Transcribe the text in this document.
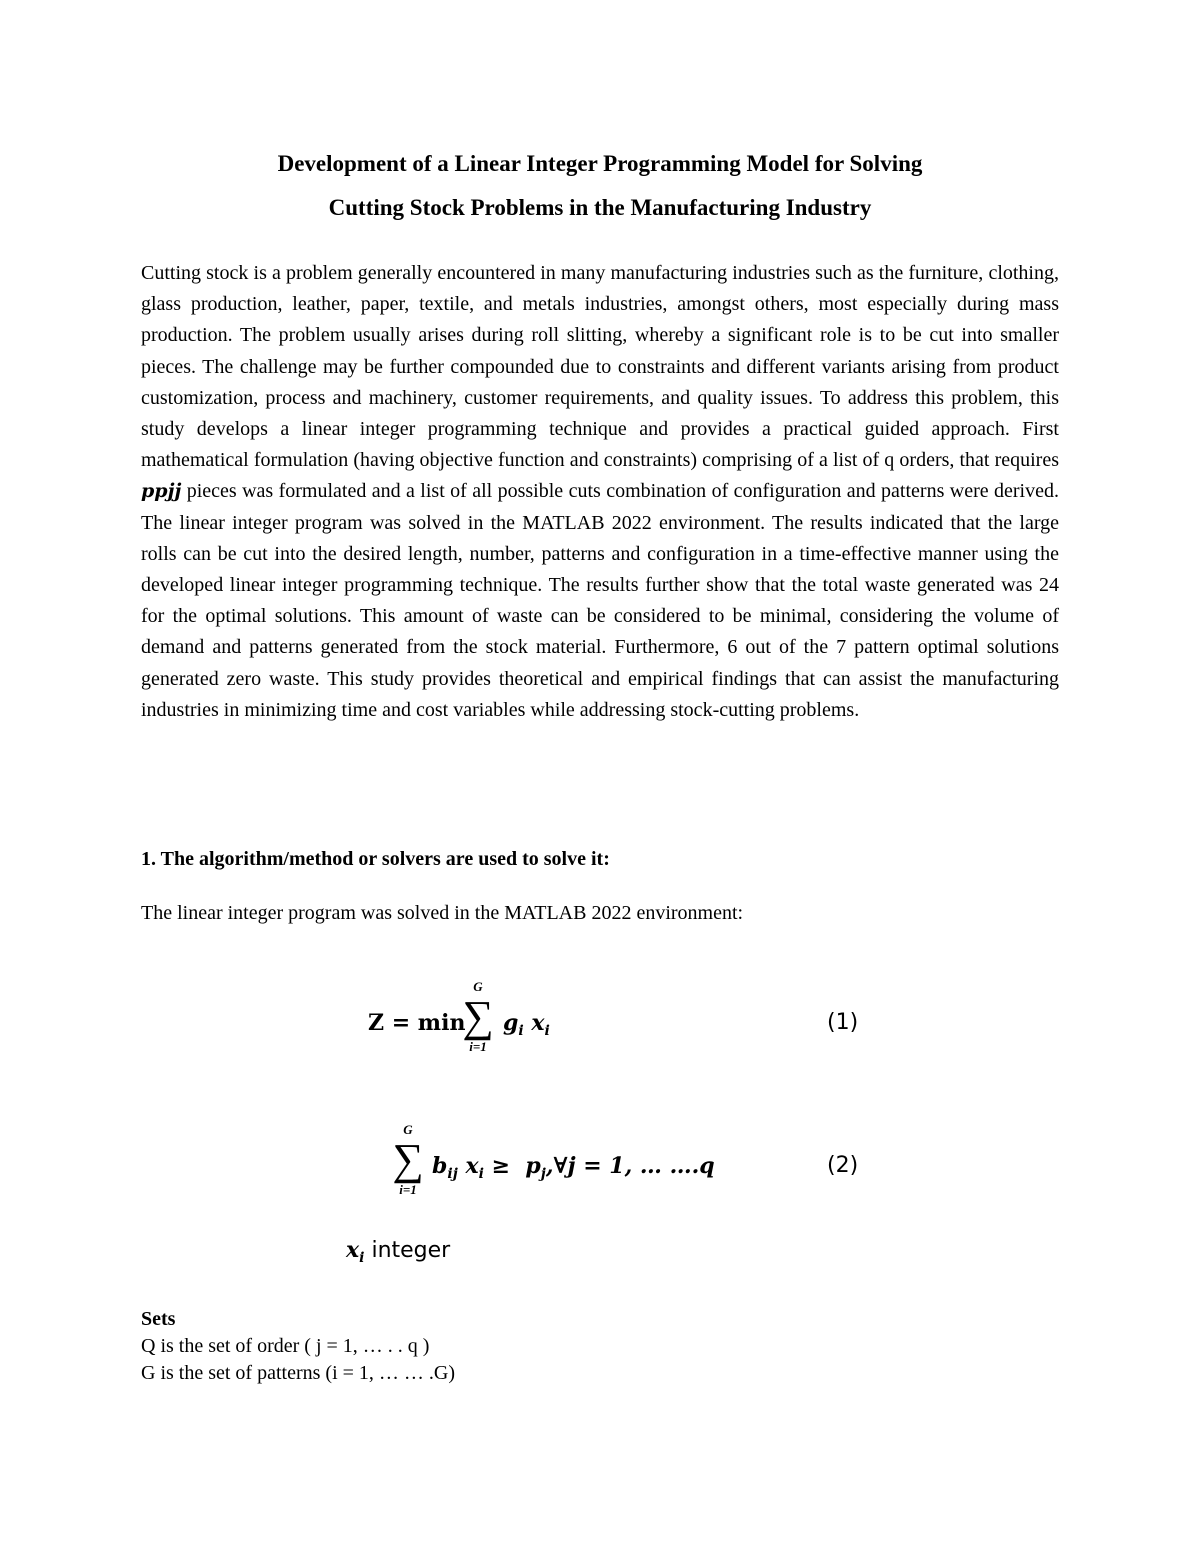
Development of a Linear Integer Programming Model for Solving
Cutting Stock Problems in the Manufacturing Industry

Cutting stock is a problem generally encountered in many manufacturing industries such as the furniture, clothing, glass production, leather, paper, textile, and metals industries, amongst others, most especially during mass production. The problem usually arises during roll slitting, whereby a significant role is to be cut into smaller pieces. The challenge may be further compounded due to constraints and different variants arising from product customization, process and machinery, customer requirements, and quality issues. To address this problem, this study develops a linear integer programming technique and provides a practical guided approach. First mathematical formulation (having objective function and constraints) comprising of a list of q orders, that requires ppjj pieces was formulated and a list of all possible cuts combination of configuration and patterns were derived. The linear integer program was solved in the MATLAB 2022 environment. The results indicated that the large rolls can be cut into the desired length, number, patterns and configuration in a time-effective manner using the developed linear integer programming technique. The results further show that the total waste generated was 24 for the optimal solutions. This amount of waste can be considered to be minimal, considering the volume of demand and patterns generated from the stock material. Furthermore, 6 out of the 7 pattern optimal solutions generated zero waste. This study provides theoretical and empirical findings that can assist the manufacturing industries in minimizing time and cost variables while addressing stock-cutting problems.

1. The algorithm/method or solvers are used to solve it:

The linear integer program was solved in the MATLAB 2022 environment:

Z = min
G
∑
i=1
$g_i$ $x_i$	(1)
G
∑
i=1
$b_{ij}$ $x_i$ ≥ $p_j,\forall j = 1$, … ….q	(2)
$x_i$ integer
Sets
Q is the set of order ( j = 1, … . . q )
G is the set of patterns (i = 1, … … .G)
